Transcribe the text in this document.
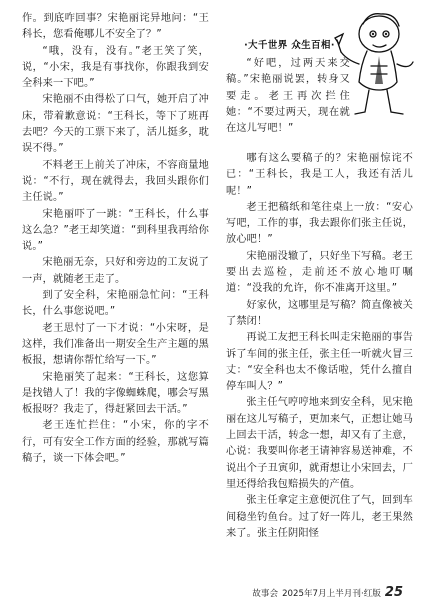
·大千世界 众生百相·

作。到底咋回事？宋艳丽诧异地问：“王科长，您看俺哪儿不安全了？”

“哦，没有，没有。”老王笑了笑，说，“小宋，我是有事找你，你跟我到安全科来一下吧。”

宋艳丽不由得松了口气，她开启了冲床，带着歉意说：“王科长，等下了班再去吧？今天的工票下来了，活儿挺多，耽误不得。”

不料老王上前关了冲床，不容商量地说：“不行，现在就得去，我回头跟你们主任说。”

宋艳丽吓了一跳：“王科长，什么事这么急？”老王却笑道：“到科里我再给你说。”

宋艳丽无奈，只好和旁边的工友说了一声，就随老王走了。

到了安全科，宋艳丽急忙问：“王科长，什么事您说吧。”

老王思忖了一下才说：“小宋呀，是这样，我们准备出一期安全生产主题的黑板报，想请你帮忙给写一下。”

宋艳丽笑了起来：“王科长，这您算是找错人了！我的字像蜘蛛爬，哪会写黑板报呀？我走了，得赶紧回去干活。”

老王连忙拦住：“小宋，你的字不行，可有安全工作方面的经验，那就写篇稿子，谈一下体会吧。”

“好吧，过两天来交稿。”宋艳丽说罢，转身又要走。老王再次拦住她：“不要过两天，现在就在这儿写吧！”

哪有这么要稿子的？宋艳丽惊诧不已：“王科长，我是工人，我还有活儿呢！”

老王把稿纸和笔往桌上一放：“安心写吧，工作的事，我去跟你们张主任说，放心吧！”

宋艳丽没辙了，只好坐下写稿。老王要出去巡检，走前还不放心地叮嘱道：“没我的允许，你不准离开这里。”

好家伙，这哪里是写稿？简直像被关了禁闭！

再说工友把王科长叫走宋艳丽的事告诉了车间的张主任，张主任一听就火冒三丈：“安全科也太不像话啦，凭什么擅自停车叫人？”

张主任气哼哼地来到安全科，见宋艳丽在这儿写稿子，更加来气，正想让她马上回去干活，转念一想，却又有了主意，心说：我要叫你老王请神容易送神难，不说出个子丑寅卯，就甭想让小宋回去，厂里还得给我包赔损失的产值。

张主任拿定主意便沉住了气，回到车间稳坐钓鱼台。过了好一阵儿，老王果然来了。张主任阴阳怪

故事会 2025年7月上半月刊·红版 25
